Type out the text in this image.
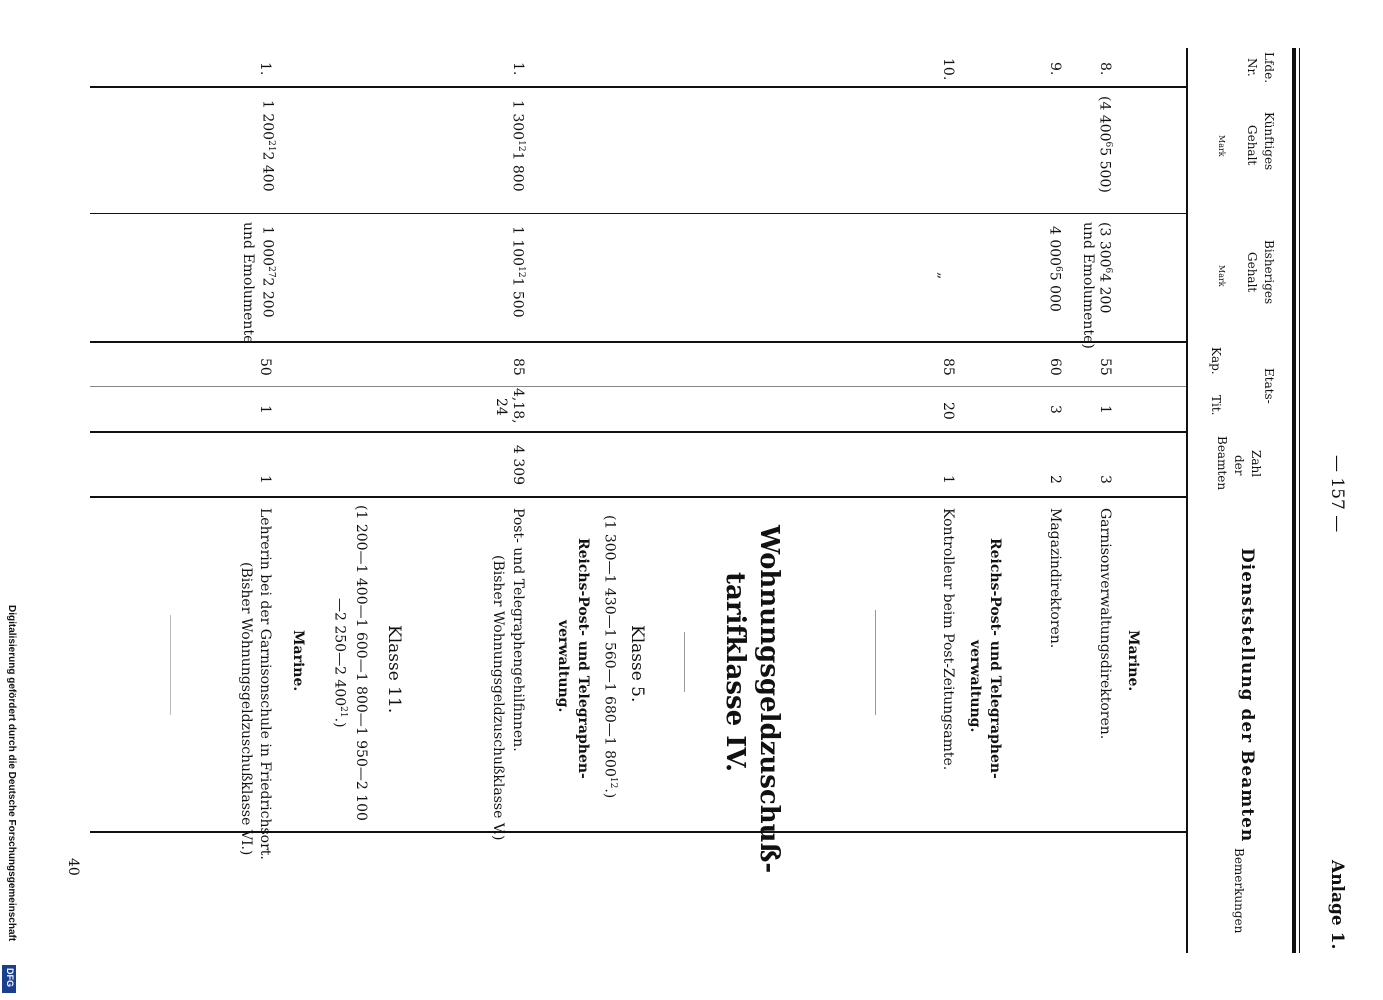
— 157 —
Anlage 1.
Lfde.
Nr.
Künftiges
Gehalt
Mark
Bisheriges
Gehalt
Mark
Etats-
Kap.
Tit.
Zahl
der
Beamten
Dienststellung der Beamten
Bemerkungen
8.
(4 $400^65$ 500)
(3 $300^64$ 200
und Emolumente)
55
1
3
Garnisonverwaltungsdirektoren. Marine.
9.
4 $000^65$ 000
60
3
2
Magazindirektoren.
Reichs-Post- und Telegraphen-
verwaltung.
10.
„
85
20
1
Kontrolleur beim Post-Zeitungsamte.
Wohnungsgeldzuschuß-
tarifklasse IV.
Klasse 5.
(1 300—1 430—1 560—1 680—1 $800^{12}$.)
Reichs-Post- und Telegraphen-
verwaltung.
1.
1 $300^{12}1$ 800
1 $100^{12}1$ 500
85
4,18,
24
4 309
Post- und Telegraphengehilfinnen.
(Bisher Wohnungsgeldzuschußklasse V.)
Klasse 11.
(1 200—1 400—1 600—1 800—1 950—2 100
—2 250—2 $400^{21}$.)
Marine.
1.
1 $200^{21}2$ 400
1 $000^{27}2$ 200
und Emolumente
50
1
1
Lehrerin bei der Garnisonschule in Friedrichsort.
(Bisher Wohnungsgeldzuschußklasse VI.)
40
Digitalisierung gefördert durch die Deutsche Forschungsgemeinschaft
DFG
